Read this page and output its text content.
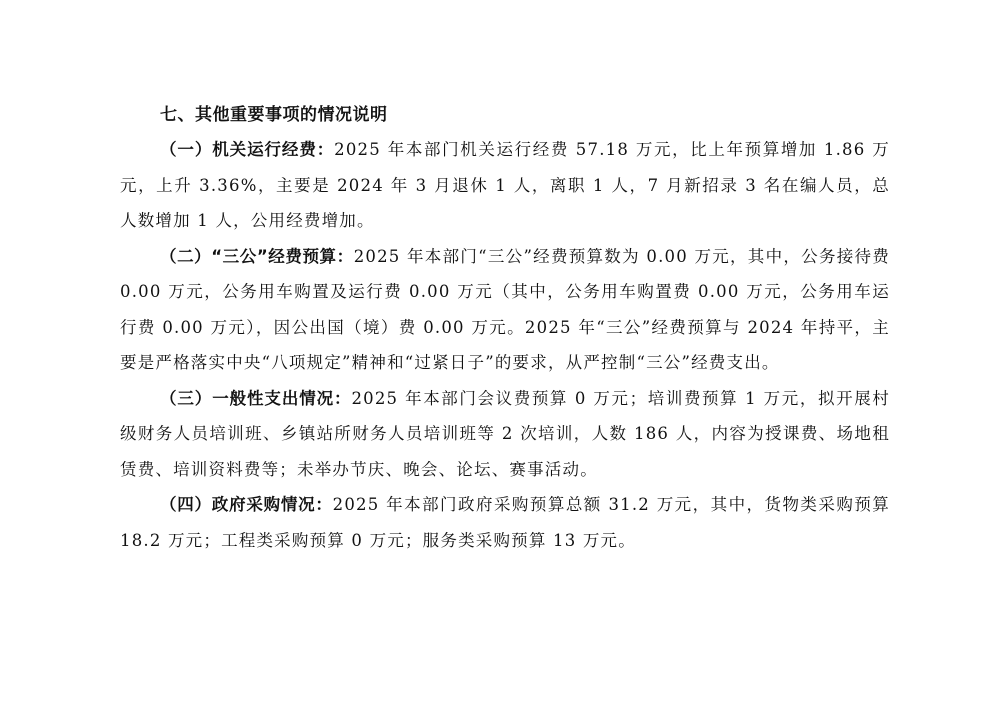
七、其他重要事项的情况说明

（一）机关运行经费：2025 年本部门机关运行经费 57.18 万元，比上年预算增加 1.86 万元，上升 3.36%，主要是 2024 年 3 月退休 1 人，离职 1 人，7 月新招录 3 名在编人员，总人数增加 1 人，公用经费增加。

（二）“三公”经费预算：2025 年本部门“三公”经费预算数为 0.00 万元，其中，公务接待费 0.00 万元，公务用车购置及运行费 0.00 万元（其中，公务用车购置费 0.00 万元，公务用车运行费 0.00 万元），因公出国（境）费 0.00 万元。2025 年“三公”经费预算与 2024 年持平，主要是严格落实中央“八项规定”精神和“过紧日子”的要求，从严控制“三公”经费支出。

（三）一般性支出情况：2025 年本部门会议费预算 0 万元；培训费预算 1 万元，拟开展村级财务人员培训班、乡镇站所财务人员培训班等 2 次培训，人数 186 人，内容为授课费、场地租赁费、培训资料费等；未举办节庆、晚会、论坛、赛事活动。

（四）政府采购情况：2025 年本部门政府采购预算总额 31.2 万元，其中，货物类采购预算 18.2 万元；工程类采购预算 0 万元；服务类采购预算 13 万元。
